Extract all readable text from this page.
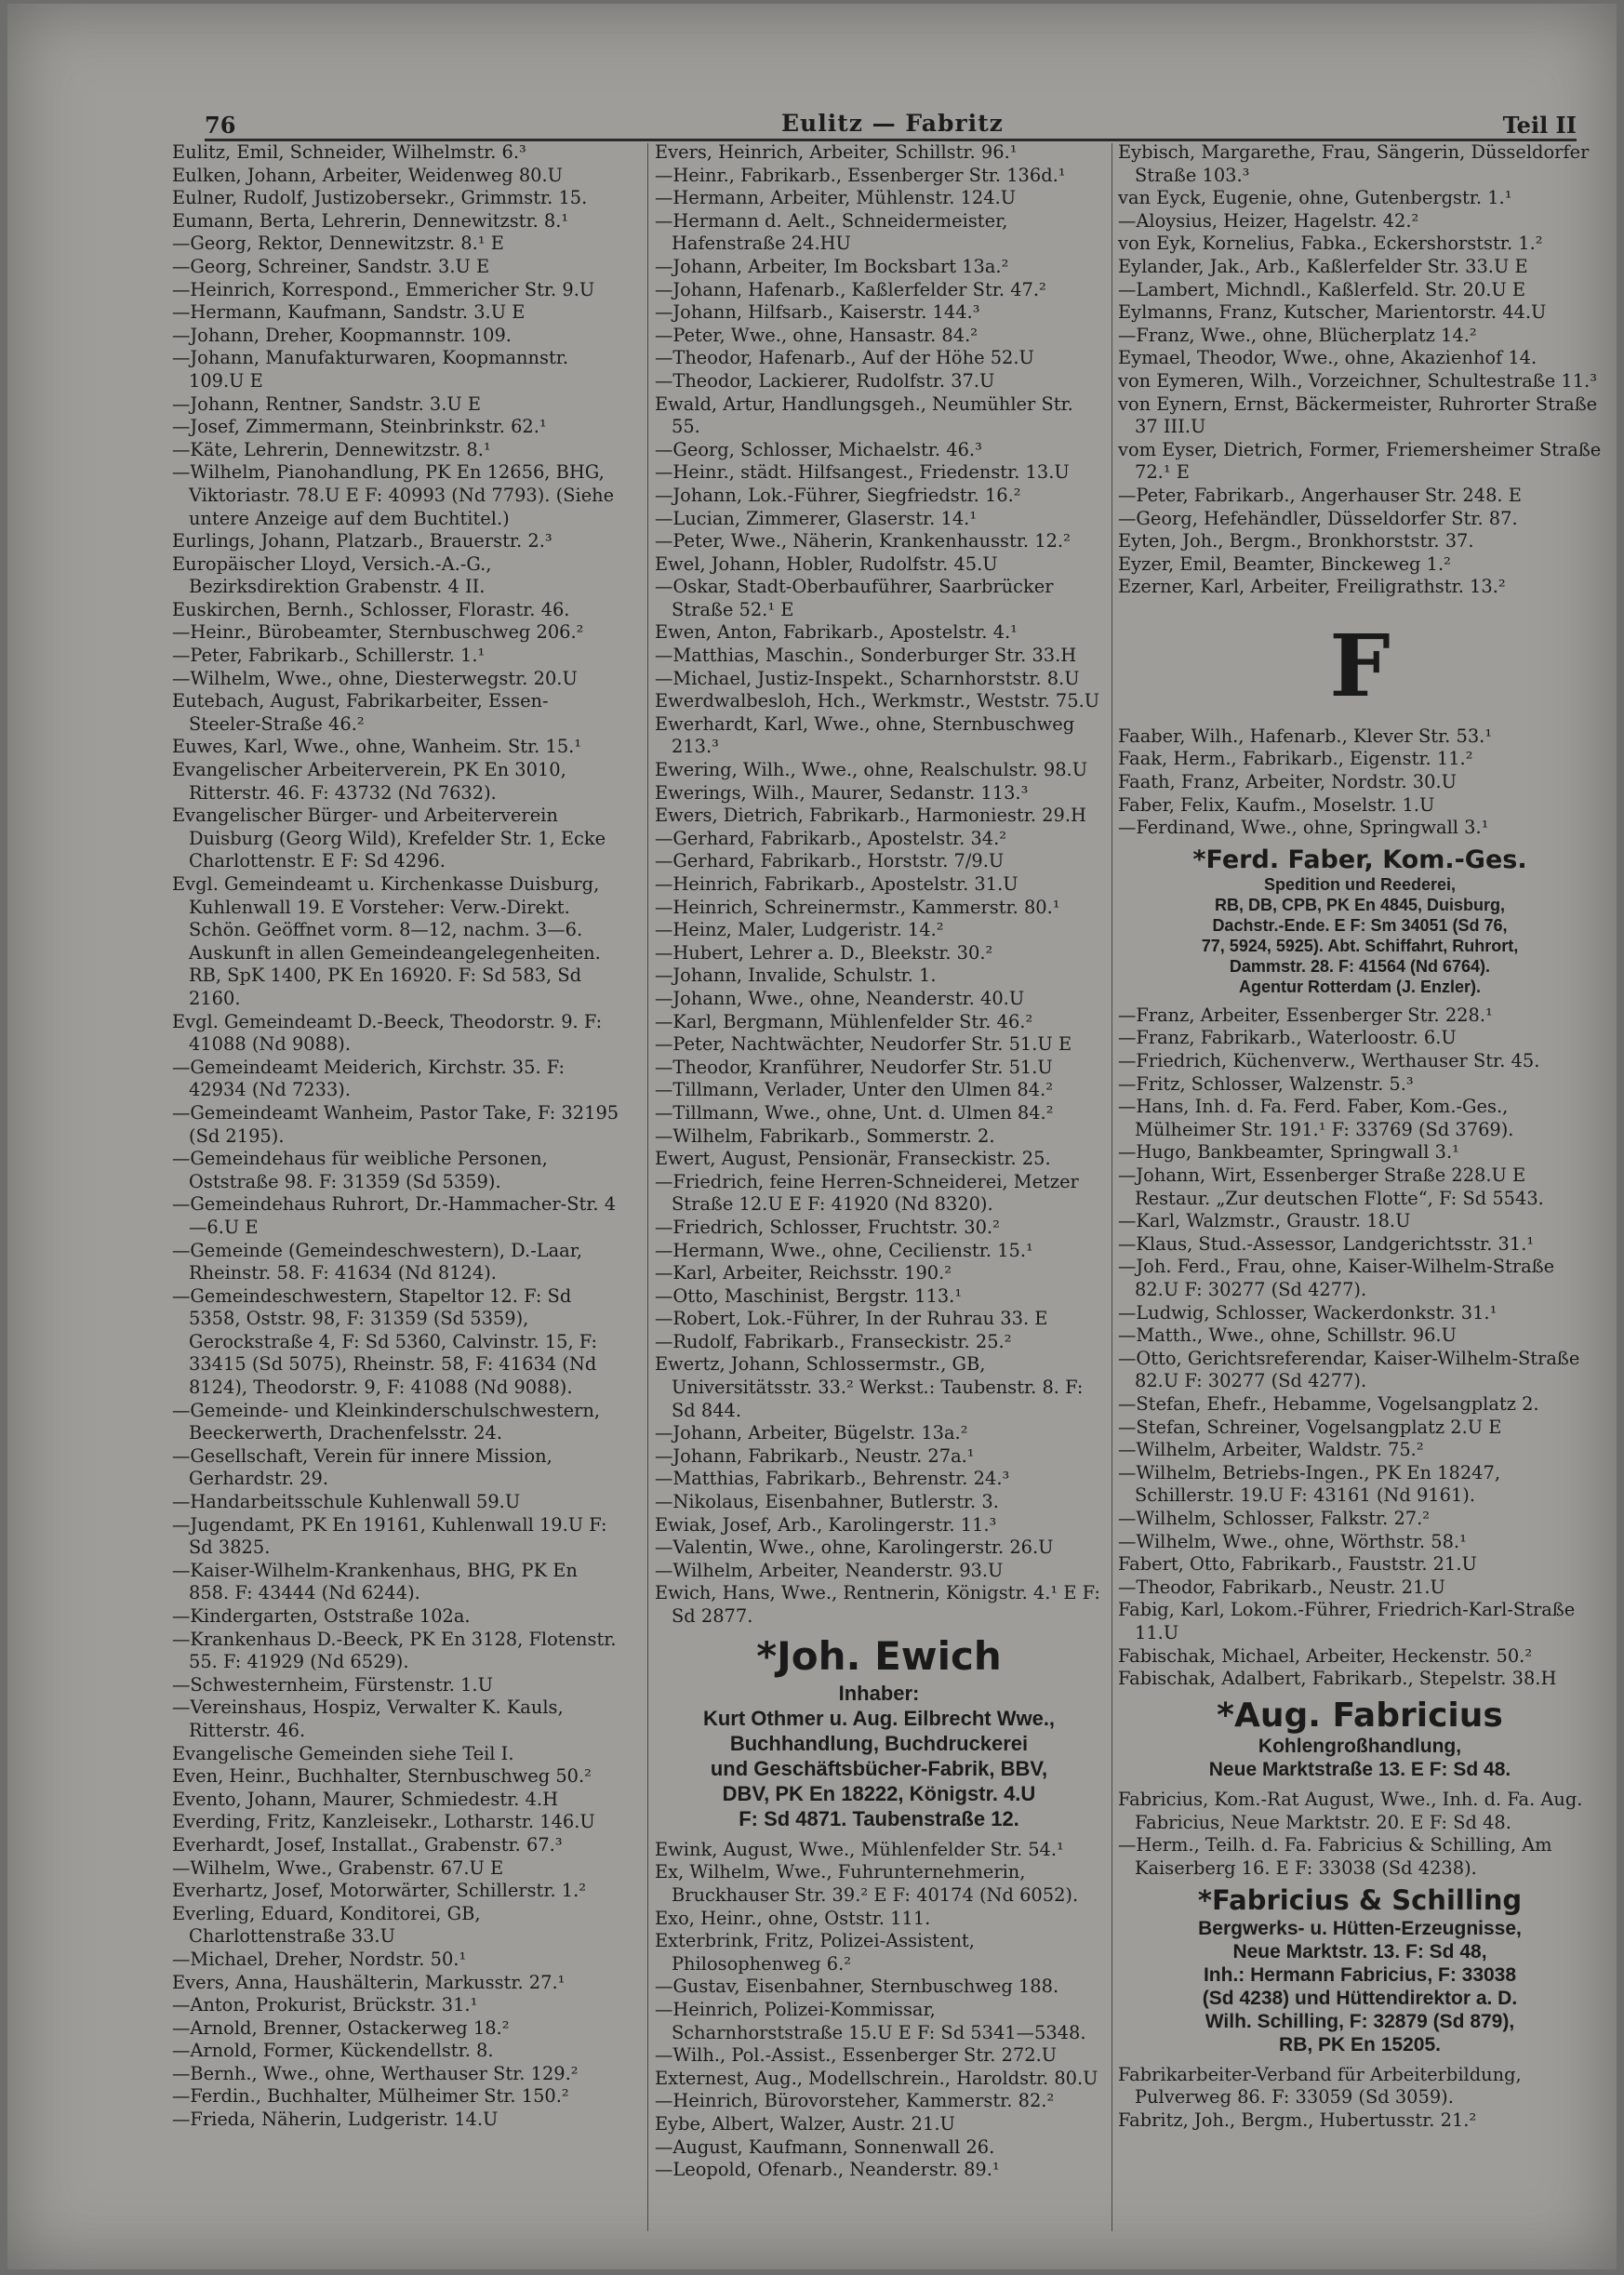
76	Eulitz — Fabritz	Teil II

Eulitz, Emil, Schneider, Wilhelmstr. 6.³

Eulken, Johann, Arbeiter, Weidenweg 80.U

Eulner, Rudolf, Justizobersekr., Grimmstr. 15.

Eumann, Berta, Lehrerin, Dennewitzstr. 8.¹

—Georg, Rektor, Dennewitzstr. 8.¹ E

—Georg, Schreiner, Sandstr. 3.U E

—Heinrich, Korrespond., Emmericher Str. 9.U

—Hermann, Kaufmann, Sandstr. 3.U E

—Johann, Dreher, Koopmannstr. 109.

—Johann, Manufakturwaren, Koopmannstr. 109.U E

—Johann, Rentner, Sandstr. 3.U E

—Josef, Zimmermann, Steinbrinkstr. 62.¹

—Käte, Lehrerin, Dennewitzstr. 8.¹

—Wilhelm, Pianohandlung, PK En 12656, BHG, Viktoriastr. 78.U E F: 40993 (Nd 7793). (Siehe untere Anzeige auf dem Buchtitel.)

Eurlings, Johann, Platzarb., Brauerstr. 2.³

Europäischer Lloyd, Versich.-A.-G., Bezirksdirektion Grabenstr. 4 II.

Euskirchen, Bernh., Schlosser, Florastr. 46.

—Heinr., Bürobeamter, Sternbuschweg 206.²

—Peter, Fabrikarb., Schillerstr. 1.¹

—Wilhelm, Wwe., ohne, Diesterwegstr. 20.U

Eutebach, August, Fabrikarbeiter, Essen-Steeler-Straße 46.²

Euwes, Karl, Wwe., ohne, Wanheim. Str. 15.¹

Evangelischer Arbeiterverein, PK En 3010, Ritterstr. 46. F: 43732 (Nd 7632).

Evangelischer Bürger- und Arbeiterverein Duisburg (Georg Wild), Krefelder Str. 1, Ecke Charlottenstr. E F: Sd 4296.

Evgl. Gemeindeamt u. Kirchenkasse Duisburg, Kuhlenwall 19. E Vorsteher: Verw.-Direkt. Schön. Geöffnet vorm. 8—12, nachm. 3—6. Auskunft in allen Gemeindeangelegenheiten. RB, SpK 1400, PK En 16920. F: Sd 583, Sd 2160.

Evgl. Gemeindeamt D.-Beeck, Theodorstr. 9. F: 41088 (Nd 9088).

—Gemeindeamt Meiderich, Kirchstr. 35. F: 42934 (Nd 7233).

—Gemeindeamt Wanheim, Pastor Take, F: 32195 (Sd 2195).

—Gemeindehaus für weibliche Personen, Oststraße 98. F: 31359 (Sd 5359).

—Gemeindehaus Ruhrort, Dr.-Hammacher-Str. 4—6.U E

—Gemeinde (Gemeindeschwestern), D.-Laar, Rheinstr. 58. F: 41634 (Nd 8124).

—Gemeindeschwestern, Stapeltor 12. F: Sd 5358, Oststr. 98, F: 31359 (Sd 5359), Gerockstraße 4, F: Sd 5360, Calvinstr. 15, F: 33415 (Sd 5075), Rheinstr. 58, F: 41634 (Nd 8124), Theodorstr. 9, F: 41088 (Nd 9088).

—Gemeinde- und Kleinkinderschulschwestern, Beeckerwerth, Drachenfelsstr. 24.

—Gesellschaft, Verein für innere Mission, Gerhardstr. 29.

—Handarbeitsschule Kuhlenwall 59.U

—Jugendamt, PK En 19161, Kuhlenwall 19.U F: Sd 3825.

—Kaiser-Wilhelm-Krankenhaus, BHG, PK En 858. F: 43444 (Nd 6244).

—Kindergarten, Oststraße 102a.

—Krankenhaus D.-Beeck, PK En 3128, Flotenstr. 55. F: 41929 (Nd 6529).

—Schwesternheim, Fürstenstr. 1.U

—Vereinshaus, Hospiz, Verwalter K. Kauls, Ritterstr. 46.

Evangelische Gemeinden siehe Teil I.

Even, Heinr., Buchhalter, Sternbuschweg 50.²

Evento, Johann, Maurer, Schmiedestr. 4.H

Everding, Fritz, Kanzleisekr., Lotharstr. 146.U

Everhardt, Josef, Installat., Grabenstr. 67.³

—Wilhelm, Wwe., Grabenstr. 67.U E

Everhartz, Josef, Motorwärter, Schillerstr. 1.²

Everling, Eduard, Konditorei, GB, Charlottenstraße 33.U

—Michael, Dreher, Nordstr. 50.¹

Evers, Anna, Haushälterin, Markusstr. 27.¹

—Anton, Prokurist, Brückstr. 31.¹

—Arnold, Brenner, Ostackerweg 18.²

—Arnold, Former, Kückendellstr. 8.

—Bernh., Wwe., ohne, Werthauser Str. 129.²

—Ferdin., Buchhalter, Mülheimer Str. 150.²

—Frieda, Näherin, Ludgeristr. 14.U

Evers, Heinrich, Arbeiter, Schillstr. 96.¹

—Heinr., Fabrikarb., Essenberger Str. 136d.¹

—Hermann, Arbeiter, Mühlenstr. 124.U

—Hermann d. Aelt., Schneidermeister, Hafenstraße 24.HU

—Johann, Arbeiter, Im Bocksbart 13a.²

—Johann, Hafenarb., Kaßlerfelder Str. 47.²

—Johann, Hilfsarb., Kaiserstr. 144.³

—Peter, Wwe., ohne, Hansastr. 84.²

—Theodor, Hafenarb., Auf der Höhe 52.U

—Theodor, Lackierer, Rudolfstr. 37.U

Ewald, Artur, Handlungsgeh., Neumühler Str. 55.

—Georg, Schlosser, Michaelstr. 46.³

—Heinr., städt. Hilfsangest., Friedenstr. 13.U

—Johann, Lok.-Führer, Siegfriedstr. 16.²

—Lucian, Zimmerer, Glaserstr. 14.¹

—Peter, Wwe., Näherin, Krankenhausstr. 12.²

Ewel, Johann, Hobler, Rudolfstr. 45.U

—Oskar, Stadt-Oberbauführer, Saarbrücker Straße 52.¹ E

Ewen, Anton, Fabrikarb., Apostelstr. 4.¹

—Matthias, Maschin., Sonderburger Str. 33.H

—Michael, Justiz-Inspekt., Scharnhorststr. 8.U

Ewerdwalbesloh, Hch., Werkmstr., Weststr. 75.U

Ewerhardt, Karl, Wwe., ohne, Sternbuschweg 213.³

Ewering, Wilh., Wwe., ohne, Realschulstr. 98.U

Ewerings, Wilh., Maurer, Sedanstr. 113.³

Ewers, Dietrich, Fabrikarb., Harmoniestr. 29.H

—Gerhard, Fabrikarb., Apostelstr. 34.²

—Gerhard, Fabrikarb., Horststr. 7/9.U

—Heinrich, Fabrikarb., Apostelstr. 31.U

—Heinrich, Schreinermstr., Kammerstr. 80.¹

—Heinz, Maler, Ludgeristr. 14.²

—Hubert, Lehrer a. D., Bleekstr. 30.²

—Johann, Invalide, Schulstr. 1.

—Johann, Wwe., ohne, Neanderstr. 40.U

—Karl, Bergmann, Mühlenfelder Str. 46.²

—Peter, Nachtwächter, Neudorfer Str. 51.U E

—Theodor, Kranführer, Neudorfer Str. 51.U

—Tillmann, Verlader, Unter den Ulmen 84.²

—Tillmann, Wwe., ohne, Unt. d. Ulmen 84.²

—Wilhelm, Fabrikarb., Sommerstr. 2.

Ewert, August, Pensionär, Franseckistr. 25.

—Friedrich, feine Herren-Schneiderei, Metzer Straße 12.U E F: 41920 (Nd 8320).

—Friedrich, Schlosser, Fruchtstr. 30.²

—Hermann, Wwe., ohne, Cecilienstr. 15.¹

—Karl, Arbeiter, Reichsstr. 190.²

—Otto, Maschinist, Bergstr. 113.¹

—Robert, Lok.-Führer, In der Ruhrau 33. E

—Rudolf, Fabrikarb., Franseckistr. 25.²

Ewertz, Johann, Schlossermstr., GB, Universitätsstr. 33.² Werkst.: Taubenstr. 8. F: Sd 844.

—Johann, Arbeiter, Bügelstr. 13a.²

—Johann, Fabrikarb., Neustr. 27a.¹

—Matthias, Fabrikarb., Behrenstr. 24.³

—Nikolaus, Eisenbahner, Butlerstr. 3.

Ewiak, Josef, Arb., Karolingerstr. 11.³

—Valentin, Wwe., ohne, Karolingerstr. 26.U

—Wilhelm, Arbeiter, Neanderstr. 93.U

Ewich, Hans, Wwe., Rentnerin, Königstr. 4.¹ E F: Sd 2877.

*Joh. Ewich
Inhaber:
Kurt Othmer u. Aug. Eilbrecht Wwe.,
Buchhandlung, Buchdruckerei
und Geschäftsbücher-Fabrik, BBV,
DBV, PK En 18222, Königstr. 4.U
F: Sd 4871. Taubenstraße 12.

Ewink, August, Wwe., Mühlenfelder Str. 54.¹

Ex, Wilhelm, Wwe., Fuhrunternehmerin, Bruckhauser Str. 39.² E F: 40174 (Nd 6052).

Exo, Heinr., ohne, Oststr. 111.

Exterbrink, Fritz, Polizei-Assistent, Philosophenweg 6.²

—Gustav, Eisenbahner, Sternbuschweg 188.

—Heinrich, Polizei-Kommissar, Scharnhorststraße 15.U E F: Sd 5341—5348.

—Wilh., Pol.-Assist., Essenberger Str. 272.U

Externest, Aug., Modellschrein., Haroldstr. 80.U

—Heinrich, Bürovorsteher, Kammerstr. 82.²

Eybe, Albert, Walzer, Austr. 21.U

—August, Kaufmann, Sonnenwall 26.

—Leopold, Ofenarb., Neanderstr. 89.¹

Eybisch, Margarethe, Frau, Sängerin, Düsseldorfer Straße 103.³

van Eyck, Eugenie, ohne, Gutenbergstr. 1.¹

—Aloysius, Heizer, Hagelstr. 42.²

von Eyk, Kornelius, Fabkа., Eckershorststr. 1.²

Eylander, Jak., Arb., Kaßlerfelder Str. 33.U E

—Lambert, Michndl., Kaßlerfeld. Str. 20.U E

Eylmanns, Franz, Kutscher, Marientorstr. 44.U

—Franz, Wwe., ohne, Blücherplatz 14.²

Eymael, Theodor, Wwe., ohne, Akazienhof 14.

von Eymeren, Wilh., Vorzeichner, Schultestraße 11.³

von Eynern, Ernst, Bäckermeister, Ruhrorter Straße 37 III.U

vom Eyser, Dietrich, Former, Friemersheimer Straße 72.¹ E

—Peter, Fabrikarb., Angerhauser Str. 248. E

—Georg, Hefehändler, Düsseldorfer Str. 87.

Eyten, Joh., Bergm., Bronkhorststr. 37.

Eyzer, Emil, Beamter, Binckeweg 1.²

Ezerner, Karl, Arbeiter, Freiligrathstr. 13.²

F

Faaber, Wilh., Hafenarb., Klever Str. 53.¹

Faak, Herm., Fabrikarb., Eigenstr. 11.²

Faath, Franz, Arbeiter, Nordstr. 30.U

Faber, Felix, Kaufm., Moselstr. 1.U

—Ferdinand, Wwe., ohne, Springwall 3.¹

*Ferd. Faber, Kom.-Ges.
Spedition und Reederei,
RB, DB, CPB, PK En 4845, Duisburg,
Dachstr.-Ende. E F: Sm 34051 (Sd 76,
77, 5924, 5925). Abt. Schiffahrt, Ruhrort,
Dammstr. 28. F: 41564 (Nd 6764).
Agentur Rotterdam (J. Enzler).

—Franz, Arbeiter, Essenberger Str. 228.¹

—Franz, Fabrikarb., Waterloostr. 6.U

—Friedrich, Küchenverw., Werthauser Str. 45.

—Fritz, Schlosser, Walzenstr. 5.³

—Hans, Inh. d. Fa. Ferd. Faber, Kom.-Ges., Mülheimer Str. 191.¹ F: 33769 (Sd 3769).

—Hugo, Bankbeamter, Springwall 3.¹

—Johann, Wirt, Essenberger Straße 228.U E Restaur. „Zur deutschen Flotte“, F: Sd 5543.

—Karl, Walzmstr., Graustr. 18.U

—Klaus, Stud.-Assessor, Landgerichtsstr. 31.¹

—Joh. Ferd., Frau, ohne, Kaiser-Wilhelm-Straße 82.U F: 30277 (Sd 4277).

—Ludwig, Schlosser, Wackerdonkstr. 31.¹

—Matth., Wwe., ohne, Schillstr. 96.U

—Otto, Gerichtsreferendar, Kaiser-Wilhelm-Straße 82.U F: 30277 (Sd 4277).

—Stefan, Ehefr., Hebamme, Vogelsangplatz 2.

—Stefan, Schreiner, Vogelsangplatz 2.U E

—Wilhelm, Arbeiter, Waldstr. 75.²

—Wilhelm, Betriebs-Ingen., PK En 18247, Schillerstr. 19.U F: 43161 (Nd 9161).

—Wilhelm, Schlosser, Falkstr. 27.²

—Wilhelm, Wwe., ohne, Wörthstr. 58.¹

Fabert, Otto, Fabrikarb., Fauststr. 21.U

—Theodor, Fabrikarb., Neustr. 21.U

Fabig, Karl, Lokom.-Führer, Friedrich-Karl-Straße 11.U

Fabischak, Michael, Arbeiter, Heckenstr. 50.²

Fabischak, Adalbert, Fabrikarb., Stepelstr. 38.H

*Aug. Fabricius
Kohlengroßhandlung,
Neue Marktstraße 13. E F: Sd 48.

Fabricius, Kom.-Rat August, Wwe., Inh. d. Fa. Aug. Fabricius, Neue Marktstr. 20. E F: Sd 48.

—Herm., Teilh. d. Fa. Fabricius & Schilling, Am Kaiserberg 16. E F: 33038 (Sd 4238).

*Fabricius & Schilling
Bergwerks- u. Hütten-Erzeugnisse,
Neue Marktstr. 13. F: Sd 48,
Inh.: Hermann Fabricius, F: 33038
(Sd 4238) und Hüttendirektor a. D.
Wilh. Schilling, F: 32879 (Sd 879),
RB, PK En 15205.

Fabrikarbeiter-Verband für Arbeiterbildung, Pulverweg 86. F: 33059 (Sd 3059).

Fabritz, Joh., Bergm., Hubertusstr. 21.²
